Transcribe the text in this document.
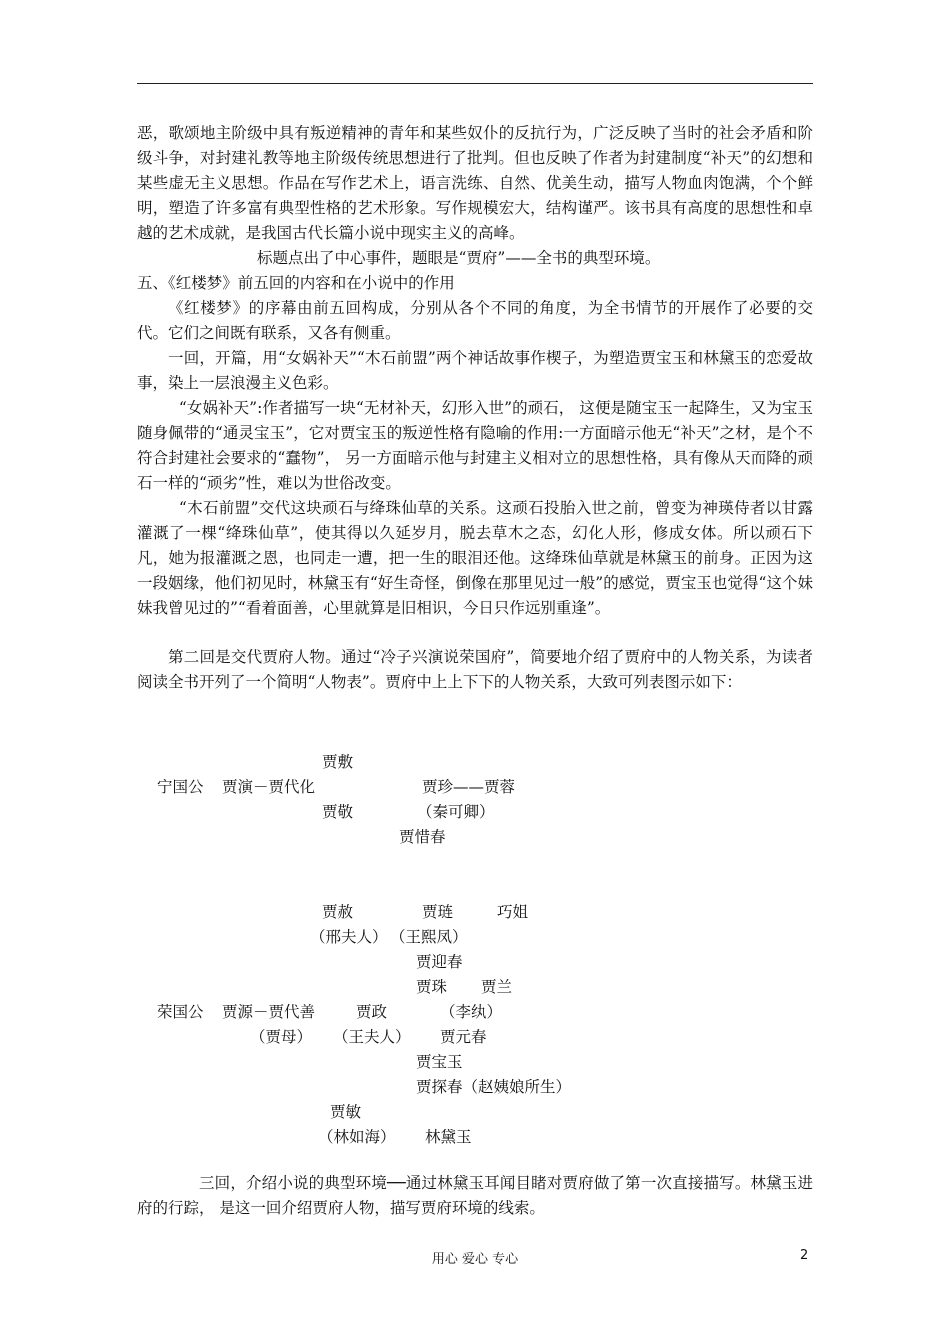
恶，歌颂地主阶级中具有叛逆精神的青年和某些奴仆的反抗行为，广泛反映了当时的社会矛盾和阶级斗争，对封建礼教等地主阶级传统思想进行了批判。但也反映了作者为封建制度“补天”的幻想和某些虚无主义思想。作品在写作艺术上，语言洗练、自然、优美生动，描写人物血肉饱满，个个鲜明，塑造了许多富有典型性格的艺术形象。写作规模宏大，结构谨严。该书具有高度的思想性和卓越的艺术成就，是我国古代长篇小说中现实主义的高峰。

标题点出了中心事件，题眼是“贾府”——全书的典型环境。

五、《红楼梦》前五回的内容和在小说中的作用

《红楼梦》的序幕由前五回构成，分别从各个不同的角度，为全书情节的开展作了必要的交代。它们之间既有联系，又各有侧重。

一回，开篇，用“女娲补天”“木石前盟”两个神话故事作楔子，为塑造贾宝玉和林黛玉的恋爱故事，染上一层浪漫主义色彩。

“女娲补天”:作者描写一块“无材补天，幻形入世”的顽石， 这便是随宝玉一起降生，又为宝玉随身佩带的“通灵宝玉”，它对贾宝玉的叛逆性格有隐喻的作用:一方面暗示他无“补天”之材，是个不符合封建社会要求的“蠢物”， 另一方面暗示他与封建主义相对立的思想性格，具有像从天而降的顽石一样的“顽劣”性，难以为世俗改变。

“木石前盟”交代这块顽石与绛珠仙草的关系。这顽石投胎入世之前，曾变为神瑛侍者以甘露灌溉了一棵“绛珠仙草”，使其得以久延岁月，脱去草木之态，幻化人形，修成女体。所以顽石下凡，她为报灌溉之恩，也同走一遭，把一生的眼泪还他。这绛珠仙草就是林黛玉的前身。正因为这一段姻缘，他们初见时，林黛玉有“好生奇怪，倒像在那里见过一般”的感觉，贾宝玉也觉得“这个妹妹我曾见过的”“看着面善，心里就算是旧相识，今日只作远别重逢”。

第二回是交代贾府人物。通过“冷子兴演说荣国府”，简要地介绍了贾府中的人物关系，为读者阅读全书开列了一个简明“人物表”。贾府中上上下下的人物关系，大致可列表图示如下：

贾敷
宁国公 贾演－贾代化	贾珍——贾蓉
贾敬	（秦可卿）
贾惜春
贾赦	贾琏	巧姐
（邢夫人） （王熙凤）
贾迎春
贾珠 贾兰
荣国公 贾源－贾代善	贾政	（李纨）
（贾母） （王夫人） 贾元春
贾宝玉
贾探春（赵姨娘所生）
贾敏
（林如海） 林黛玉

三回，介绍小说的典型环境──通过林黛玉耳闻目睹对贾府做了第一次直接描写。林黛玉进府的行踪， 是这一回介绍贾府人物，描写贾府环境的线索。

用心 爱心 专心	2
